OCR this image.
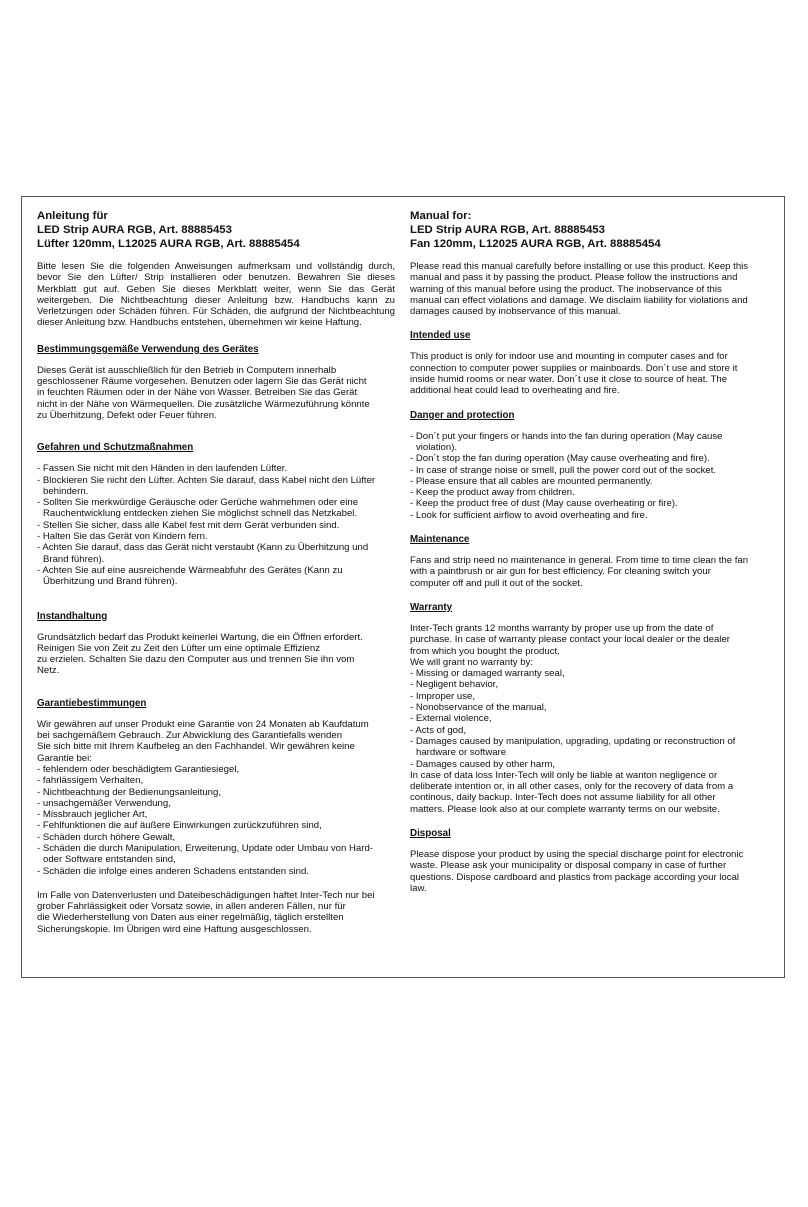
Anleitung für
LED Strip AURA RGB, Art. 88885453
Lüfter 120mm, L12025 AURA RGB, Art. 88885454

Bitte lesen Sie die folgenden Anweisungen aufmerksam und vollständig durch, bevor Sie den Lüfter/ Strip installieren oder benutzen. Bewahren Sie dieses Merkblatt gut auf. Geben Sie dieses Merkblatt weiter, wenn Sie das Gerät weitergeben. Die Nichtbeachtung dieser Anleitung bzw. Handbuchs kann zu Verletzungen oder Schäden führen. Für Schäden, die aufgrund der Nichtbeachtung dieser Anleitung bzw. Handbuchs entstehen, übernehmen wir keine Haftung.

Bestimmungsgemäße Verwendung des Gerätes

Dieses Gerät ist ausschließlich für den Betrieb in Computern innerhalb
geschlossener Räume vorgesehen. Benutzen oder lagern Sie das Gerät nicht
in feuchten Räumen oder in der Nähe von Wasser. Betreiben Sie das Gerät
nicht in der Nähe von Wärmequellen. Die zusätzliche Wärmezuführung könnte
zu Überhitzung, Defekt oder Feuer führen.

Gefahren und Schutzmaßnahmen
- Fassen Sie nicht mit den Händen in den laufenden Lüfter.
- Blockieren Sie nicht den Lüfter. Achten Sie darauf, dass Kabel nicht den Lüfter
behindern.
- Sollten Sie merkwürdige Geräusche oder Gerüche wahrnehmen oder eine
Rauchentwicklung entdecken ziehen Sie möglichst schnell das Netzkabel.
- Stellen Sie sicher, dass alle Kabel fest mit dem Gerät verbunden sind.
- Halten Sie das Gerät von Kindern fern.
- Achten Sie darauf, dass das Gerät nicht verstaubt (Kann zu Überhitzung und
Brand führen).
- Achten Sie auf eine ausreichende Wärmeabfuhr des Gerätes (Kann zu
Überhitzung und Brand führen).
Instandhaltung

Grundsätzlich bedarf das Produkt keinerlei Wartung, die ein Öffnen erfordert.
Reinigen Sie von Zeit zu Zeit den Lüfter um eine optimale Effizienz
zu erzielen. Schalten Sie dazu den Computer aus und trennen Sie ihn vom
Netz.

Garantiebestimmungen

Wir gewähren auf unser Produkt eine Garantie von 24 Monaten ab Kaufdatum
bei sachgemäßem Gebrauch. Zur Abwicklung des Garantiefalls wenden
Sie sich bitte mit Ihrem Kaufbeleg an den Fachhandel. Wir gewähren keine
Garantie bei:

- fehlendem oder beschädigtem Garantiesiegel,
- fahrlässigem Verhalten,
- Nichtbeachtung der Bedienungsanleitung,
- unsachgemäßer Verwendung,
- Missbrauch jeglicher Art,
- Fehlfunktionen die auf äußere Einwirkungen zurückzuführen sind,
- Schäden durch höhere Gewalt,
- Schäden die durch Manipulation, Erweiterung, Update oder Umbau von Hard-
oder Software entstanden sind,
- Schäden die infolge eines anderen Schadens entstanden sind.

Im Falle von Datenverlusten und Dateibeschädigungen haftet Inter-Tech nur bei
grober Fahrlässigkeit oder Vorsatz sowie, in allen anderen Fällen, nur für
die Wiederherstellung von Daten aus einer regelmäßig, täglich erstellten
Sicherungskopie. Im Übrigen wird eine Haftung ausgeschlossen.

Manual for:
LED Strip AURA RGB, Art. 88885453
Fan 120mm, L12025 AURA RGB, Art. 88885454

Please read this manual carefully before installing or use this product. Keep this
manual and pass it by passing the product. Please follow the instructions and
warning of this manual before using the product. The inobservance of this
manual can effect violations and damage. We disclaim liability for violations and
damages caused by inobservance of this manual.

Intended use

This product is only for indoor use and mounting in computer cases and for
connection to computer power supplies or mainboards. Don´t use and store it
inside humid rooms or near water. Don´t use it close to source of heat. The
additional heat could lead to overheating and fire.

Danger and protection
- Don´t put your fingers or hands into the fan during operation (May cause
violation).
- Don´t stop the fan during operation (May cause overheating and fire).
- In case of strange noise or smell, pull the power cord out of the socket.
- Please ensure that all cables are mounted permanently.
- Keep the product away from children.
- Keep the product free of dust (May cause overheating or fire).
- Look for sufficient airflow to avoid overheating and fire.
Maintenance

Fans and strip need no maintenance in general. From time to time clean the fan
with a paintbrush or air gun for best efficiency. For cleaning switch your
computer off and pull it out of the socket.

Warranty

Inter-Tech grants 12 months warranty by proper use up from the date of
purchase. In case of warranty please contact your local dealer or the dealer
from which you bought the product.
We will grant no warranty by:

- Missing or damaged warranty seal,
- Negligent behavior,
- Improper use,
- Nonobservance of the manual,
- External violence,
- Acts of god,
- Damages caused by manipulation, upgrading, updating or reconstruction of
hardware or software
- Damages caused by other harm,

In case of data loss Inter-Tech will only be liable at wanton negligence or
deliberate intention or, in all other cases, only for the recovery of data from a
continous, daily backup. Inter-Tech does not assume liability for all other
matters. Please look also at our complete warranty terms on our website.

Disposal

Please dispose your product by using the special discharge point for electronic
waste. Please ask your municipality or disposal company in case of further
questions. Dispose cardboard and plastics from package according your local
law.
